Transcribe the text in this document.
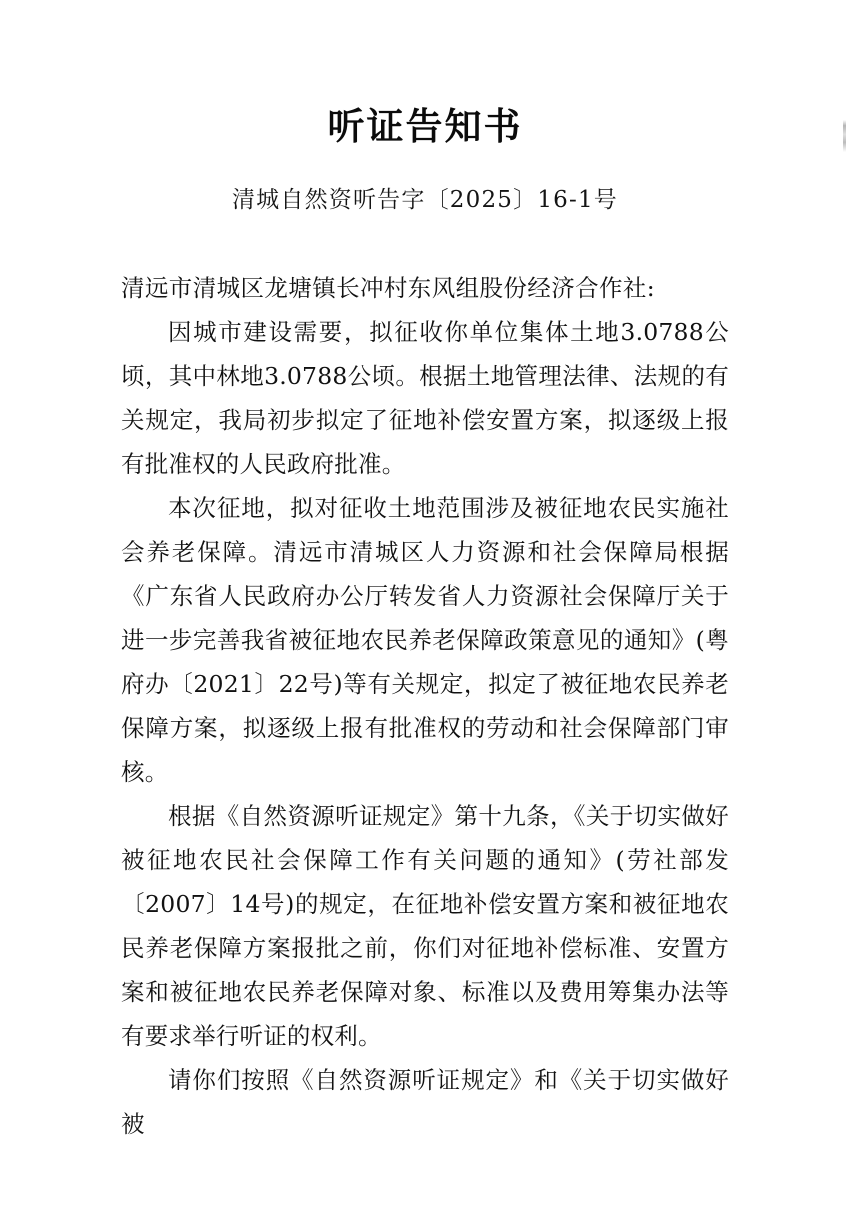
听证告知书
清城自然资听告字〔2025〕16-1号
清远市清城区龙塘镇长冲村东风组股份经济合作社:

因城市建设需要，拟征收你单位集体土地3.0788公顷，其中林地3.0788公顷。根据土地管理法律、法规的有关规定，我局初步拟定了征地补偿安置方案，拟逐级上报有批准权的人民政府批准。

本次征地，拟对征收土地范围涉及被征地农民实施社会养老保障。清远市清城区人力资源和社会保障局根据《广东省人民政府办公厅转发省人力资源社会保障厅关于进一步完善我省被征地农民养老保障政策意见的通知》(粤府办〔2021〕22号)等有关规定，拟定了被征地农民养老保障方案，拟逐级上报有批准权的劳动和社会保障部门审核。

根据《自然资源听证规定》第十九条，《关于切实做好被征地农民社会保障工作有关问题的通知》(劳社部发〔2007〕14号)的规定，在征地补偿安置方案和被征地农民养老保障方案报批之前，你们对征地补偿标准、安置方案和被征地农民养老保障对象、标准以及费用筹集办法等有要求举行听证的权利。

请你们按照《自然资源听证规定》和《关于切实做好被
